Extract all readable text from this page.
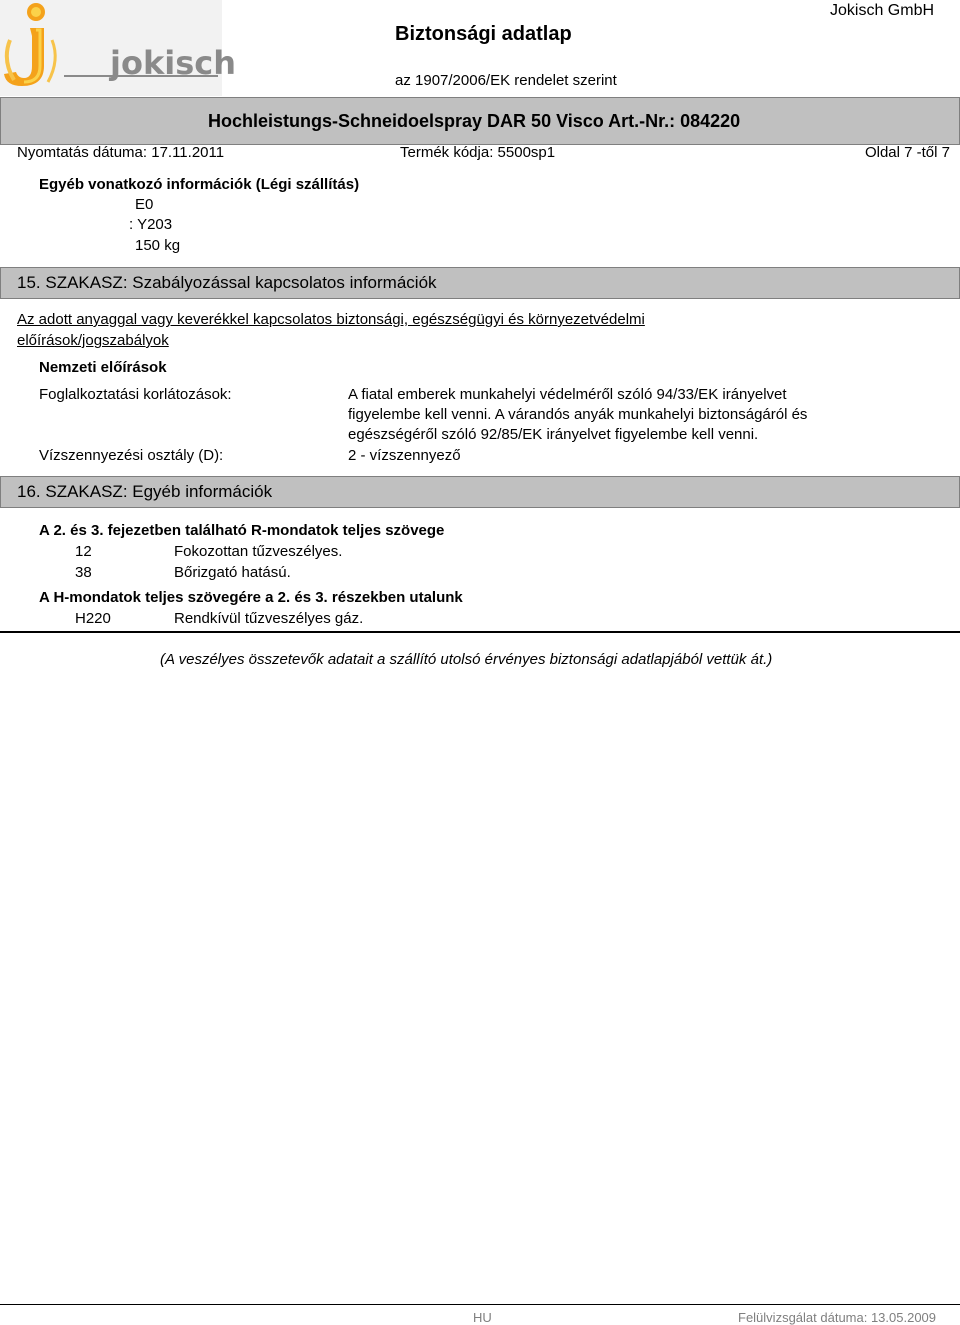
jokisch
Biztonsági adatlap
Jokisch GmbH
az 1907/2006/EK rendelet szerint
Hochleistungs-Schneidoelspray DAR 50 Visco Art.-Nr.: 084220
Nyomtatás dátuma: 17.11.2011	Termék kódja: 5500sp1	Oldal 7 -től 7
Egyéb vonatkozó információk (Légi szállítás)
E0
: Y203
150 kg
15. SZAKASZ: Szabályozással kapcsolatos információk
Az adott anyaggal vagy keverékkel kapcsolatos biztonsági, egészségügyi és környezetvédelmi
előírások/jogszabályok
Nemzeti előírások
Foglalkoztatási korlátozások:	A fiatal emberek munkahelyi védelméről szóló 94/33/EK irányelvet
figyelembe kell venni. A várandós anyák munkahelyi biztonságáról és
egészségéről szóló 92/85/EK irányelvet figyelembe kell venni.
Vízszennyezési osztály (D):	2 - vízszennyező
16. SZAKASZ: Egyéb információk
A 2. és 3. fejezetben található R-mondatok teljes szövege
12	Fokozottan tűzveszélyes.
38	Bőrizgató hatású.
A H-mondatok teljes szövegére a 2. és 3. részekben utalunk
H220	Rendkívül tűzveszélyes gáz.
(A veszélyes összetevők adatait a szállító utolsó érvényes biztonsági adatlapjából vettük át.)
HU	Felülvizsgálat dátuma: 13.05.2009
